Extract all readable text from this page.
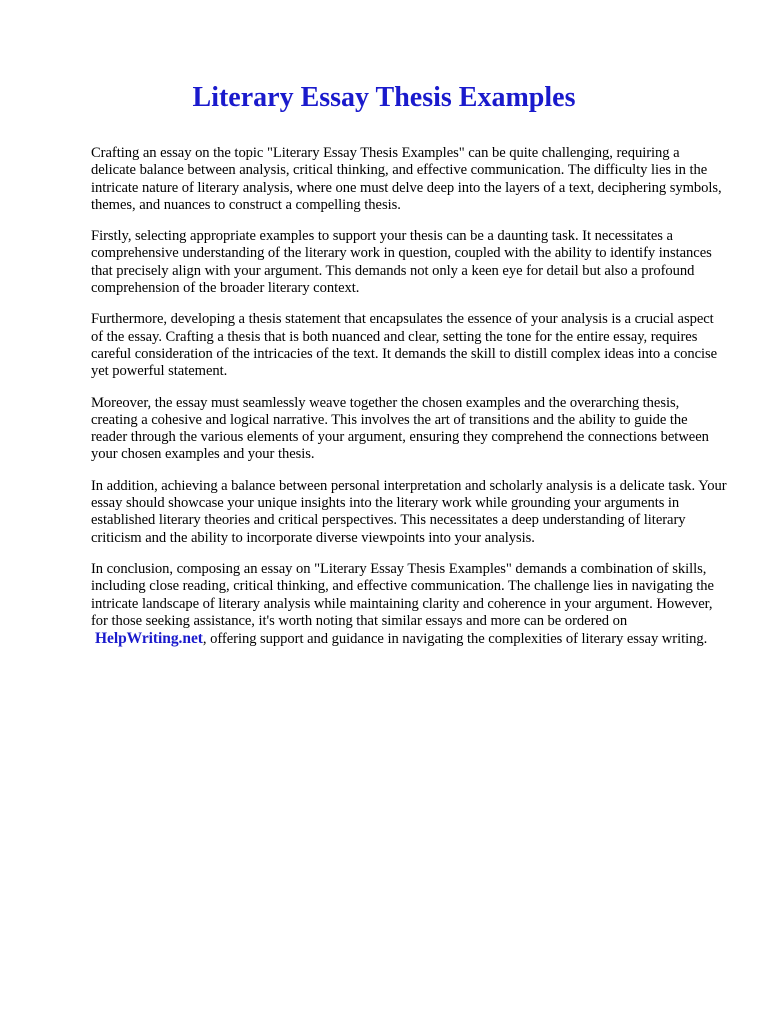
Literary Essay Thesis Examples

Crafting an essay on the topic "Literary Essay Thesis Examples" can be quite challenging, requiring a delicate balance between analysis, critical thinking, and effective communication. The difficulty lies in the intricate nature of literary analysis, where one must delve deep into the layers of a text, deciphering symbols, themes, and nuances to construct a compelling thesis.

Firstly, selecting appropriate examples to support your thesis can be a daunting task. It necessitates a comprehensive understanding of the literary work in question, coupled with the ability to identify instances that precisely align with your argument. This demands not only a keen eye for detail but also a profound comprehension of the broader literary context.

Furthermore, developing a thesis statement that encapsulates the essence of your analysis is a crucial aspect of the essay. Crafting a thesis that is both nuanced and clear, setting the tone for the entire essay, requires careful consideration of the intricacies of the text. It demands the skill to distill complex ideas into a concise yet powerful statement.

Moreover, the essay must seamlessly weave together the chosen examples and the overarching thesis, creating a cohesive and logical narrative. This involves the art of transitions and the ability to guide the reader through the various elements of your argument, ensuring they comprehend the connections between your chosen examples and your thesis.

In addition, achieving a balance between personal interpretation and scholarly analysis is a delicate task. Your essay should showcase your unique insights into the literary work while grounding your arguments in established literary theories and critical perspectives. This necessitates a deep understanding of literary criticism and the ability to incorporate diverse viewpoints into your analysis.

In conclusion, composing an essay on "Literary Essay Thesis Examples" demands a combination of skills, including close reading, critical thinking, and effective communication. The challenge lies in navigating the intricate landscape of literary analysis while maintaining clarity and coherence in your argument. However, for those seeking assistance, it's worth noting that similar essays and more can be ordered on HelpWriting.net, offering support and guidance in navigating the complexities of literary essay writing.
